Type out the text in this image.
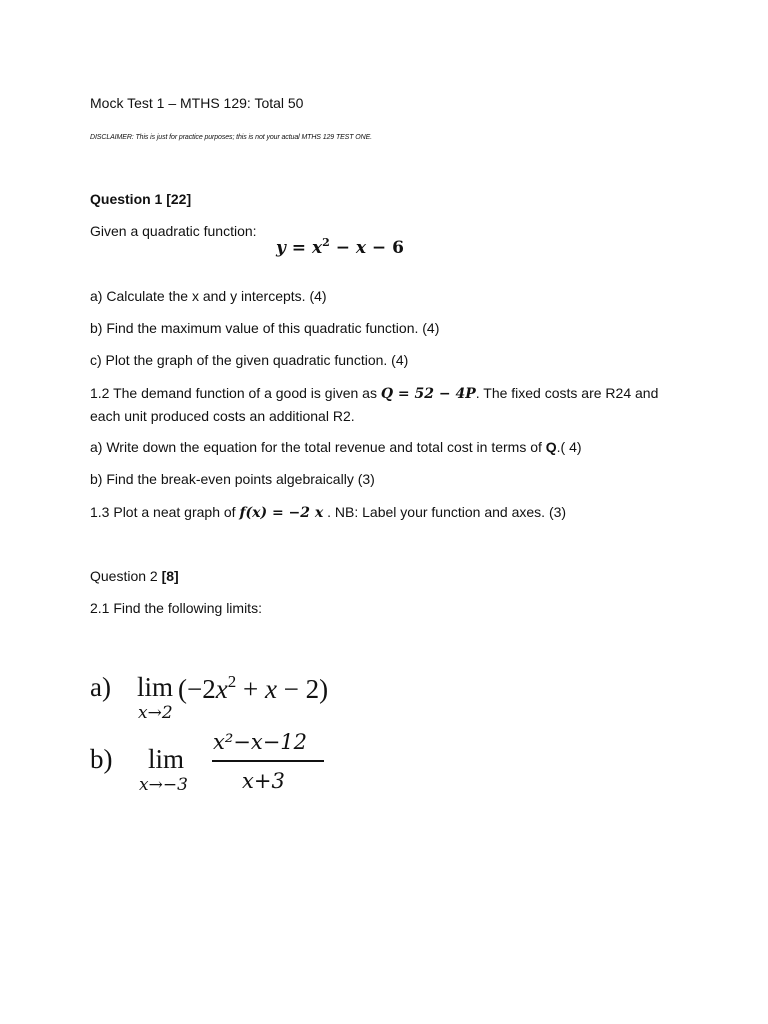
Mock Test 1 – MTHS 129: Total 50
DISCLAIMER: This is just for practice purposes; this is not your actual MTHS 129 TEST ONE.
Question 1 [22]
Given a quadratic function:
$y = x^2 - x - 6$
a) Calculate the x and y intercepts. (4)
b) Find the maximum value of this quadratic function. (4)
c) Plot the graph of the given quadratic function. (4)
1.2 The demand function of a good is given as Q = 52 − 4P. The fixed costs are R24 and each unit produced costs an additional R2.
a) Write down the equation for the total revenue and total cost in terms of Q.( 4)
b) Find the break-even points algebraically (3)
1.3 Plot a neat graph of f(x) = −2 x . NB: Label your function and axes. (3)
Question 2 [8]
2.1 Find the following limits:
a) lim
x→2
$(-2x^2 + x - 2)$
b) lim
x→−3
x²−x−12
x+3
